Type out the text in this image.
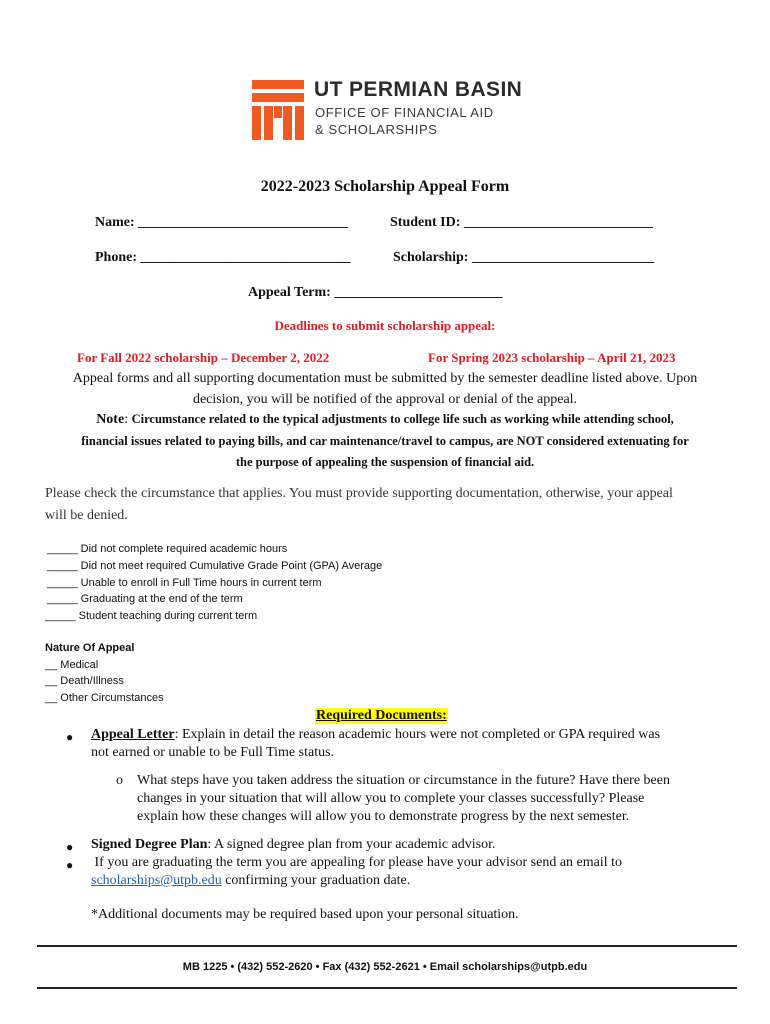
UT PERMIAN BASIN
OFFICE OF FINANCIAL AID
& SCHOLARSHIPS
2022-2023 Scholarship Appeal Form
Name: ______________________________	Student ID: ___________________________
Phone: ______________________________	Scholarship: __________________________
Appeal Term: ________________________
Deadlines to submit scholarship appeal:
For Fall 2022 scholarship – December 2, 2022	For Spring 2023 scholarship – April 21, 2023
Appeal forms and all supporting documentation must be submitted by the semester deadline listed above. Upon
decision, you will be notified of the approval or denial of the appeal.
Note: Circumstance related to the typical adjustments to college life such as working while attending school,
financial issues related to paying bills, and car maintenance/travel to campus, are NOT considered extenuating for
the purpose of appealing the suspension of financial aid.
Please check the circumstance that applies. You must provide supporting documentation, otherwise, your appeal
will be denied.
_____ Did not complete required academic hours
_____ Did not meet required Cumulative Grade Point (GPA) Average
_____ Unable to enroll in Full Time hours in current term
_____ Graduating at the end of the term
_____ Student teaching during current term
Nature Of Appeal
__ Medical
__ Death/Illness
__ Other Circumstances
Required Documents:
● Appeal Letter: Explain in detail the reason academic hours were not completed or GPA required was
not earned or unable to be Full Time status.
o What steps have you taken address the situation or circumstance in the future? Have there been
changes in your situation that will allow you to complete your classes successfully? Please
explain how these changes will allow you to demonstrate progress by the next semester.
● Signed Degree Plan: A signed degree plan from your academic advisor.
● If you are graduating the term you are appealing for please have your advisor send an email to
scholarships@utpb.edu confirming your graduation date.
*Additional documents may be required based upon your personal situation.
MB 1225 • (432) 552-2620 • Fax (432) 552-2621 • Email scholarships@utpb.edu
